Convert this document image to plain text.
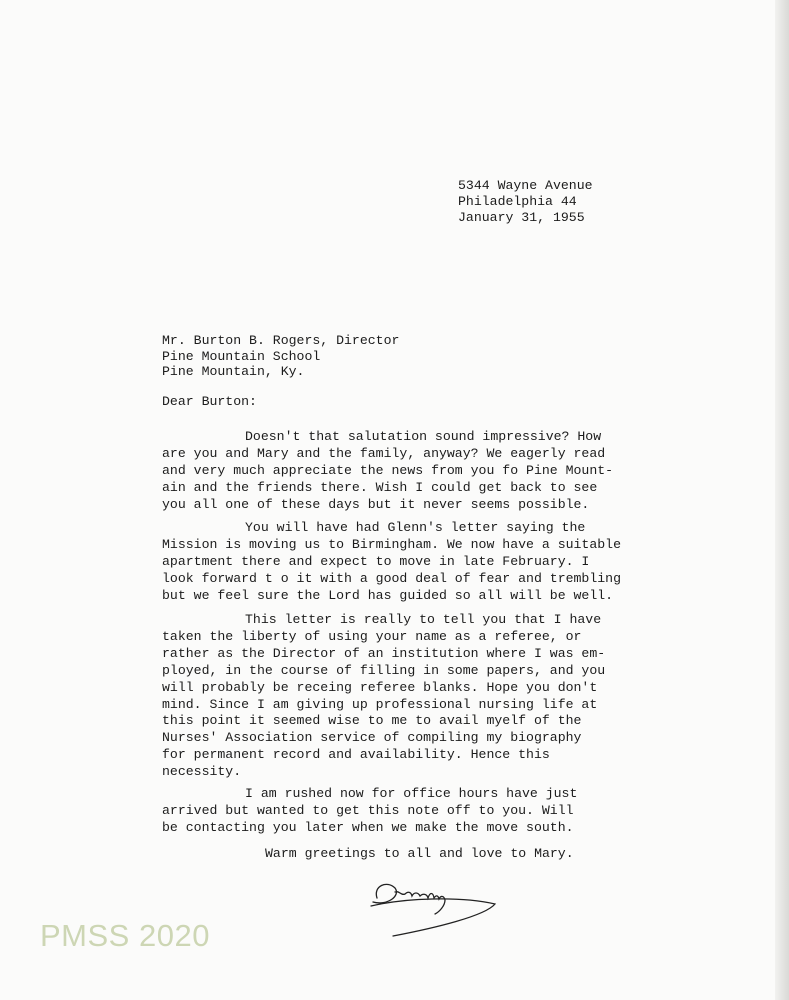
5344 Wayne Avenue
Philadelphia 44
January 31, 1955
Mr. Burton B. Rogers, Director
Pine Mountain School
Pine Mountain, Ky.
Dear Burton:
Doesn't that salutation sound impressive? How
are you and Mary and the family, anyway? We eagerly read
and very much appreciate the news from you fo Pine Mount-
ain and the friends there. Wish I could get back to see
you all one of these days but it never seems possible.
You will have had Glenn's letter saying the
Mission is moving us to Birmingham. We now have a suitable
apartment there and expect to move in late February. I
look forward t o it with a good deal of fear and trembling
but we feel sure the Lord has guided so all will be well.
This letter is really to tell you that I have
taken the liberty of using your name as a referee, or
rather as the Director of an institution where I was em-
ployed, in the course of filling in some papers, and you
will probably be receing referee blanks. Hope you don't
mind. Since I am giving up professional nursing life at
this point it seemed wise to me to avail myelf of the
Nurses' Association service of compiling my biography
for permanent record and availability. Hence this
necessity.
I am rushed now for office hours have just
arrived but wanted to get this note off to you. Will
be contacting you later when we make the move south.
Warm greetings to all and love to Mary.
PMSS 2020
